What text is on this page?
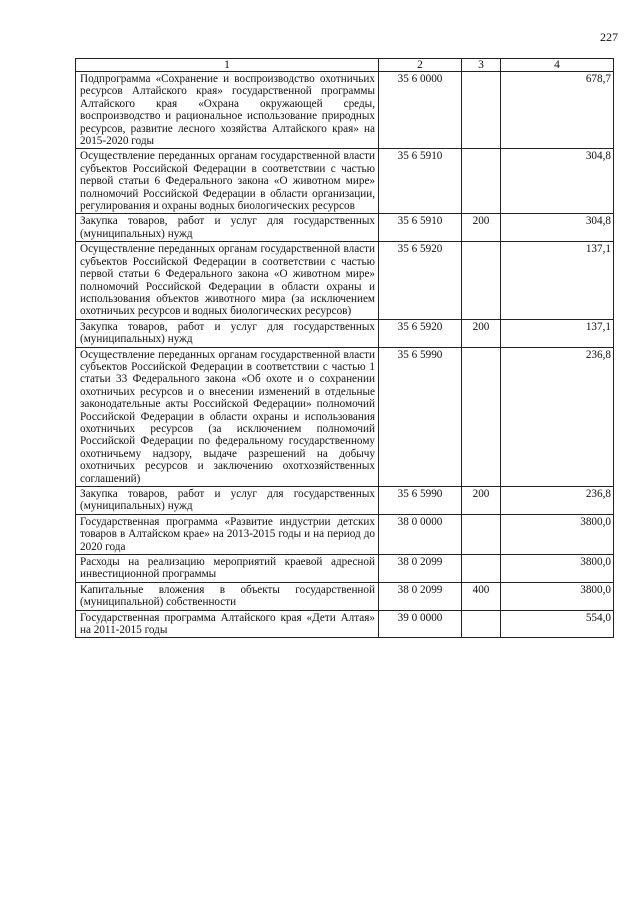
227
1	2	3	4
Подпрограмма «Сохранение и воспроизводство охотничьих ресурсов Алтайского края» государственной программы Алтайского края «Охрана окружающей среды, воспроизводство и рациональное использование природных ресурсов, развитие лесного хозяйства Алтайского края» на 2015-2020 годы	35 6 0000		678,7
Осуществление переданных органам государственной власти субъектов Российской Федерации в соответствии с частью первой статьи 6 Федерального закона «О животном мире» полномочий Российской Федерации в области организации, регулирования и охраны водных биологических ресурсов	35 6 5910		304,8
Закупка товаров, работ и услуг для государственных (муниципальных) нужд	35 6 5910	200	304,8
Осуществление переданных органам государственной власти субъектов Российской Федерации в соответствии с частью первой статьи 6 Федерального закона «О животном мире» полномочий Российской Федерации в области охраны и использования объектов животного мира (за исключением охотничьих ресурсов и водных биологических ресурсов)	35 6 5920		137,1
Закупка товаров, работ и услуг для государственных (муниципальных) нужд	35 6 5920	200	137,1
Осуществление переданных органам государственной власти субъектов Российской Федерации в соответствии с частью 1 статьи 33 Федерального закона «Об охоте и о сохранении охотничьих ресурсов и о внесении изменений в отдельные законодательные акты Российской Федерации» полномочий Российской Федерации в области охраны и использования охотничьих ресурсов (за исключением полномочий Российской Федерации по федеральному государственному охотничьему надзору, выдаче разрешений на добычу охотничьих ресурсов и заключению охотхозяйственных соглашений)	35 6 5990		236,8
Закупка товаров, работ и услуг для государственных (муниципальных) нужд	35 6 5990	200	236,8
Государственная программа «Развитие индустрии детских товаров в Алтайском крае» на 2013-2015 годы и на период до 2020 года	38 0 0000		3800,0
Расходы на реализацию мероприятий краевой адресной инвестиционной программы	38 0 2099		3800,0
Капитальные вложения в объекты государственной (муниципальной) собственности	38 0 2099	400	3800,0
Государственная программа Алтайского края «Дети Алтая» на 2011-2015 годы	39 0 0000		554,0
